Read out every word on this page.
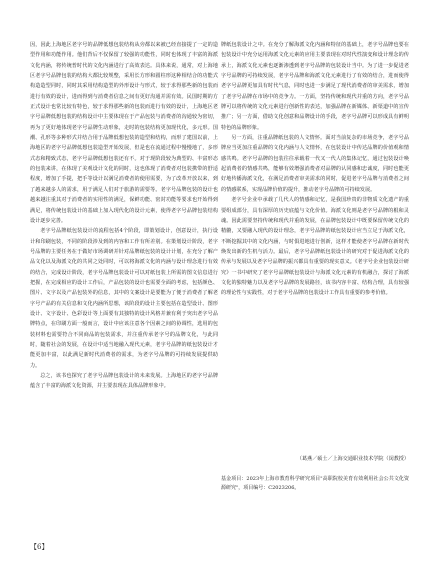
因，因此上海地区老字号的品牌低想包装结构从旁都以来被已经直接提了一定的造型作用和功能作用。他们背后不仅保留了较强的功能性，同时也体现了丰富的海派文化内涵，将传统普时代的文化内涵进行了高效表达。具体来说，通常，对上海地区老字号品牌包装的结构大都比较规整，采用长方形和圆柱形这种相结合的功能式构造造型同时，同时其采用结构造型的外形设计与形式，较于求得那些新的包装而进行有效的设计，进而得到与消费者信息之间有更好沟通并需有效。民国时期的方正式设计也常比较有特色，较于求得那些新的包装而进行有效的设计，上海地区老字号品牌低想包装的结构设计中主要体现在于产品包装与消费者的沟通较为密切，再为了更好地体现老字号品牌生动形象，走时的包装结构更加现代化，多元形。国潮、孔形等多种形式并结合用于品牌低想包装的造型和结构，而形了建国以前，上海地区的老字号品牌低想包装造型开始发展，但是也在流通过程中慢慢地了，多形式态和精致式态，老字号品牌低想包装还有不。对于现阶段较为典型的、丰富形态的包装来讲，在体现了美观设计文化的同时，这也体现了消费者对包装携带的舒适程度，增加了手提，把手等设计以满足消费者的使用需要，为了改革开放以来，到了越来越多人的需求，用于满足人们对于旅游的需要等。老字号品牌包装的设计也越来越注重其对于消费者的实用性的满足，保鲜功能、密封功能等要求也开始得到满足，将传统包装设计的基础上加入现代化的设计元素，使得老字号品牌包装结构设计逐步完善。

老字号品牌纸包装设计的流程包括4个阶段，即策划设计，创意设计，执行设计和印刷包装，不同的阶段涉及到的内容和工作有所差别。在策划设计阶段，老字号品牌的主要任务在于做好市场调研并针对品牌纸包装的设计计划，在充分了解产品文化以及海派文化的共同之处同时，可以将海派文化的内涵与设计理念进行有效的结合，完成设计阶段，老字号品牌包装设计可以对纸包装上所需的图文信息进行把握，在完成相应的设计工作后，产品包装的设计也需要全面的考虑，包括颜色、图片、文字以及产品包装外的信息，其中的文案设计是要能为了便于消费者了解老字号产品的有关信息和文化内涵所思想，该阶段的设计主要包括在造型设计、图形设计、文字设计、色彩设计等上面要有其独特的设计风格并兼有利于突出老字号品牌特点，在印刷方面一般而言，设计中应该注意各个因素之间的协调性，选用的包装材料也需要符合不同商品的包装需求，并注重传承老字号的品牌文化，与此同时，随着社会的发展，在设计中适当地融入现代元素，老字号品牌的纸包装设计才能更加丰富，以此满足新时代消费者的需求，为老字号品牌的可持续发展提供助力。

总之，该书也探究了老字号品牌包装设计的未来发展。上海地区的老字号品牌蕴含了丰富的海派文化资源，并主要表现在具体品牌形象中。

牌纸包装设计之中。在充分了解海派文化内涵和特征的基础上，老字号品牌也要在包装设计中充分运用海派文化元素的应用主要表现在对时代性演变和设计理念的传承上，海派文化元素也逐渐渗透到老字号品牌的包装设计当中。为了进一步促进老字号品牌的可持续发展，老字号品牌和海派文化元素进行了有效的结合，进而使得老字号品牌更加具有时代气息，同时也进一步满足了现代消费者的审美需求，增加了老字号品牌在市场中的竞争力。一方面，坚持传统和现代并重的方向，老字号品牌可以将传统的文化元素进行创新性的表达，加强品牌在新媒体、新渠道中的宣传推广；另一方面，借助文化创意和品牌设计的手段，老字号品牌可以形成具有鲜明特色的品牌形象。

另一方面，注重品牌纸包装的人文情怀。面对当前复杂的市场竞争，老字号品牌应当更加注重品牌的文化内涵与人文情怀，在包装设计中传达品牌的价值观和情感共鸣。老字号品牌的包装往往承载着一代又一代人的集体记忆，通过包装设计唤起消费者的情感共鸣，能够有效增强消费者对品牌的认同感和忠诚度，同时也能更好地传播海派文化，在满足消费者审美需求的同时，促进老字号品牌与消费者之间的情感联系，实现品牌价值的提升，推动老字号品牌的可持续发展。

老字号企业中承载了几代人的情感和记忆，是我国珍贵的非物质文化遗产的重要组成部分，具有深厚的历史底蕴与文化价值。海派文化则是老字号品牌的根和灵魂。因此需要坚持传统和现代并重的发展，在品牌包装设计中既要保留传统文化的精髓，又要融入现代的设计理念，老字号品牌的纸包装设计应当立足于海派文化，不断挖掘其中的文化内涵，与时俱进地进行创新，这样才能使老字号品牌在新时代焕发出新的生机与活力。最后，老字号品牌纸包装设计的研究对于促进海派文化的传承与发展以及老字号品牌的振兴都具有重要的现实意义。《老字号企业包装设计研究》一书中研究了老字号品牌纸包装设计与海派文化元素的有机融合，探讨了海派文化的独特魅力以及老字号品牌的发展路径，该书内容丰富、结构合理，具有较强的理论性与实践性，对于老字号品牌的包装设计工作具有重要的参考价值。

（葛燕／硕士／上海交通职业技术学院（闵教授）
基金项目：2023年上海市教育科学研究项目"高职院校美育有效利用社会公共文化资源研究"，项目编号：C2023206。
【6】
